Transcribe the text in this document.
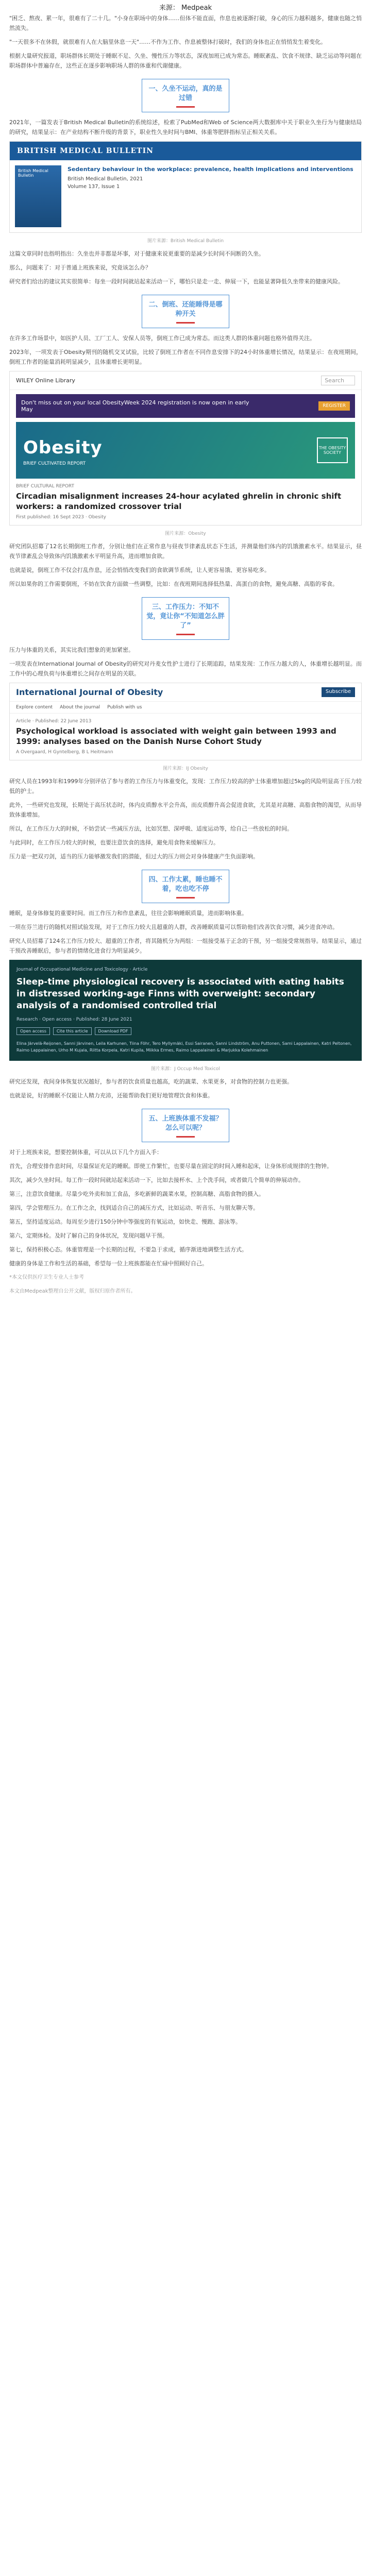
来源： Medpeak

"困乏、熬夜、累一年，很难有了二十几。"小身在职场中的身体……但体不能直面，作息也被逐渐打破，身心的压力越积越多，健康也随之悄然流失。

"一天很多不在休假，就很难有人在大脑里休息一天"……不作为工作、作息被整体打破时，我们的身体也正在悄悄发生着变化。

根据大量研究报道，职场群体长期处于睡眠不足、久坐、慢性压力等状态，深夜加班已成为常态。睡眠紊乱、饮食不规律、缺乏运动等问题在职场群体中普遍存在，这些正在逐步影响职场人群的体重和代谢健康。

一、久坐不运动，真的是过错

2021年，一篇发表于British Medical Bulletin的系统综述，检索了PubMed和Web of Science两大数据库中关于职业久坐行为与健康结局的研究，结果显示：在产业结构不断升级的背景下，职业性久坐时间与BMI、体重等肥胖指标呈正相关关系。

BRITISH MEDICAL BULLETIN
British Medical Bulletin
Sedentary behaviour in the workplace: prevalence, health implications and interventions
British Medical Bulletin, 2021
Volume 137, Issue 1
图片来源：British Medical Bulletin

这篇文章同时也指明指出：久坐也并非都是坏事，对于健康来说更重要的是减少长时间不间断的久坐。

那么，问题来了：对于普通上班族来说，究竟该怎么办？

研究者们给出的建议其实很简单：每坐一段时间就站起来活动一下，哪怕只是走一走、伸展一下，也能显著降低久坐带来的健康风险。

二、倒班、还能睡得是哪种开关

在许多工作场景中，如医护人员、工厂工人、安保人员等，倒班工作已成为常态。而这类人群的体重问题也格外值得关注。

2023年，一项发表于Obesity期刊的随机交叉试验，比较了倒班工作者在不同作息安排下的24小时体重增长情况，结果显示：在夜班期间，倒班工作者的能量消耗明显减少，且体重增长更明显。

WILEY Online Library	Search
Don't miss out on your local ObesityWeek 2024 registration is now open in early May	REGISTER
Obesity
BRIEF CULTIVATED REPORT
THE OBESITY SOCIETY
BRIEF CULTURAL REPORT
Circadian misalignment increases 24-hour acylated ghrelin in chronic shift workers: a randomized crossover trial
First published: 16 Sept 2023 · Obesity
图片来源：Obesity

研究团队招募了12名长期倒班工作者，分别让他们在正常作息与昼夜节律紊乱状态下生活，并测量他们体内的饥饿激素水平。结果显示，昼夜节律紊乱会导致体内饥饿激素水平明显升高，进而增加食欲。

也就是说，倒班工作不仅会打乱作息，还会悄悄改变我们的食欲调节系统，让人更容易饿、更容易吃多。

所以如果你的工作需要倒班，不妨在饮食方面做一些调整，比如：在夜班期间选择低热量、高蛋白的食物，避免高糖、高脂的零食。

三、工作压力：不知不觉，竟让你“不知道怎么胖了”

压力与体重的关系，其实比我们想象的更加紧密。

一项发表在International Journal of Obesity的研究对丹麦女性护士进行了长期追踪，结果发现：工作压力越大的人，体重增长越明显。而工作中的心理负荷与体重增长之间存在明显的关联。

International Journal of Obesity	Subscribe
Explore content About the journal Publish with us
Article · Published: 22 June 2013
Psychological workload is associated with weight gain between 1993 and 1999: analyses based on the Danish Nurse Cohort Study
A Overgaard, H Gyntelberg, B L Heitmann
图片来源：IJ Obesity

研究人员在1993年和1999年分别评估了参与者的工作压力与体重变化，发现：工作压力较高的护士体重增加超过5kg的风险明显高于压力较低的护士。

此外，一些研究也发现，长期处于高压状态时，体内皮质醇水平会升高，而皮质醇升高会促进食欲，尤其是对高糖、高脂食物的渴望，从而导致体重增加。

所以，在工作压力大的时候，不妨尝试一些减压方法，比如冥想、深呼吸、适度运动等，给自己一些放松的时间。

与此同时，在工作压力较大的时候，也要注意饮食的选择，避免用食物来缓解压力。

压力是一把双刃剑，适当的压力能够激发我们的潜能，但过大的压力则会对身体健康产生负面影响。

四、工作太累，睡也睡不着，吃也吃不停

睡眠，是身体修复的重要时间。而工作压力和作息紊乱，往往会影响睡眠质量，进而影响体重。

一项在芬兰进行的随机对照试验发现，对于工作压力较大且超重的人群，改善睡眠质量可以帮助他们改善饮食习惯，减少进食冲动。

研究人员招募了124名工作压力较大、超重的工作者，将其随机分为两组：一组接受基于正念的干预，另一组接受常规指导。结果显示，通过干预改善睡眠后，参与者的情绪化进食行为明显减少。

Journal of Occupational Medicine and Toxicology · Article
Sleep-time physiological recovery is associated with eating habits in distressed working-age Finns with overweight: secondary analysis of a randomised controlled trial
Research · Open access · Published: 28 June 2021
Open access	Cite this article	Download PDF
Elina Järvelä-Reijonen, Sanni Järvinen, Leila Karhunen, Tiina Föhr, Tero Myllymäki, Essi Sairanen, Sanni Lindström, Anu Puttonen, Sami Lappalainen, Katri Peltonen, Raimo Lappalainen, Urho M Kujala, Riitta Korpela, Katri Kupila, Miikka Ermes, Raimo Lappalainen & Marjukka Kolehmainen
图片来源：J Occup Med Toxicol

研究还发现，夜间身体恢复状况越好，参与者的饮食质量也越高，吃的蔬菜、水果更多，对食物的控制力也更强。

也就是说，好的睡眠不仅能让人精力充沛，还能帮助我们更好地管理饮食和体重。

五、上班族体重不发福？怎么可以呢？

对于上班族来说，想要控制体重，可以从以下几个方面入手：

首先，合理安排作息时间，尽量保证充足的睡眠。即使工作繁忙，也要尽量在固定的时间入睡和起床，让身体形成规律的生物钟。

其次，减少久坐时间。每工作一段时间就站起来活动一下，比如去接杯水、上个洗手间，或者做几个简单的伸展动作。

第三，注意饮食健康。尽量少吃外卖和加工食品，多吃新鲜的蔬菜水果，控制高糖、高脂食物的摄入。

第四，学会管理压力。在工作之余，找到适合自己的减压方式，比如运动、听音乐、与朋友聊天等。

第五，坚持适度运动。每周至少进行150分钟中等强度的有氧运动，如快走、慢跑、游泳等。

第六，定期体检。及时了解自己的身体状况，发现问题早干预。

第七，保持积极心态。体重管理是一个长期的过程，不要急于求成，循序渐进地调整生活方式。

健康的身体是工作和生活的基础，希望每一位上班族都能在忙碌中照顾好自己。

*本文仅供医疗卫生专业人士参考

本文由Medpeak整理自公开文献，版权归原作者所有。
